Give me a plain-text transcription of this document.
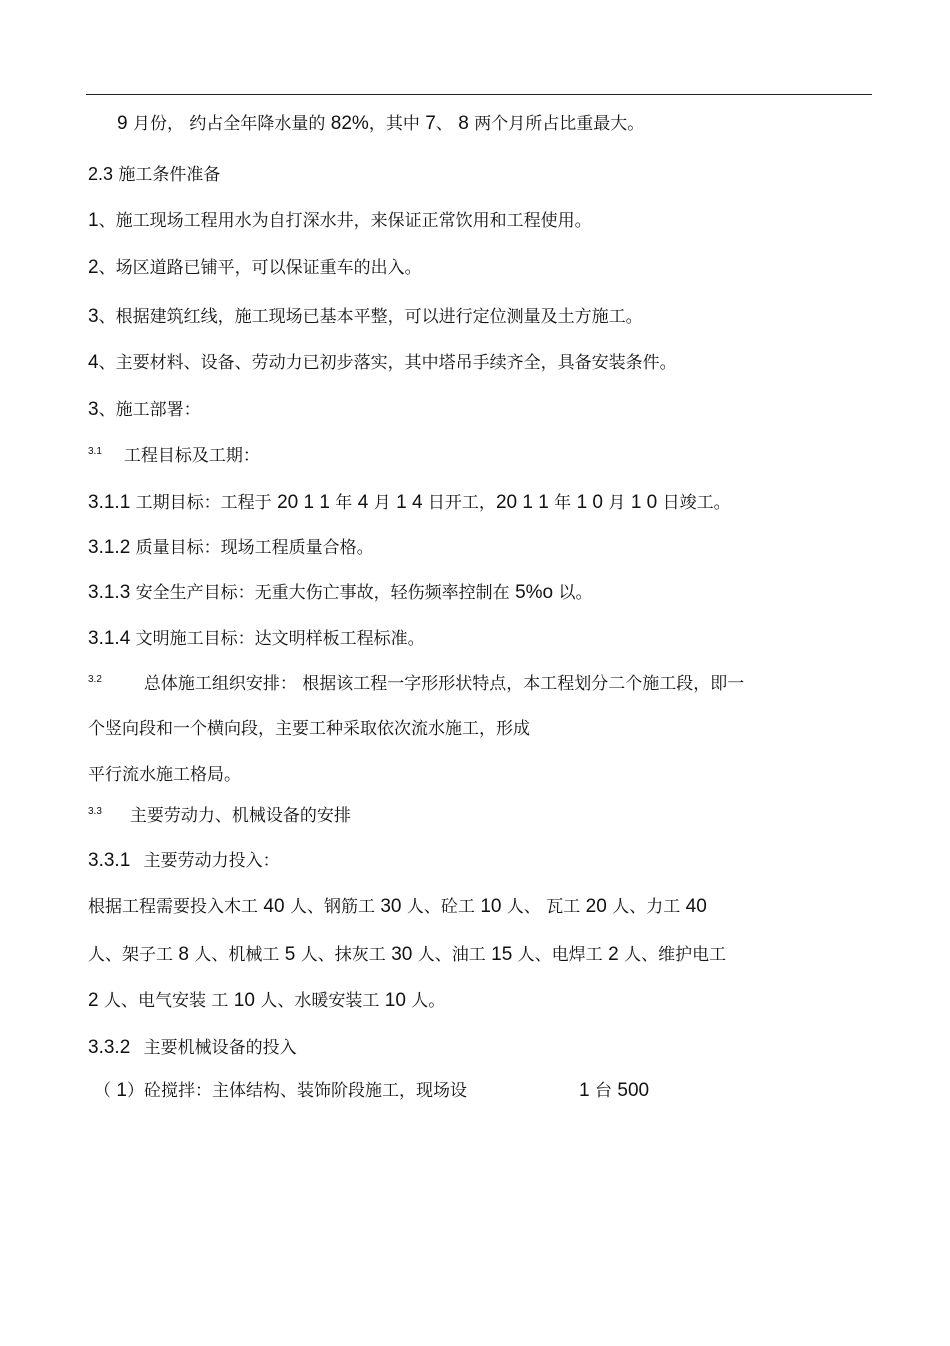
9 月份， 约占全年降水量的 82%，其中 7、 8 两个月所占比重最大。
2.3 施工条件准备
1、施工现场工程用水为自打深水井，来保证正常饮用和工程使用。
2、场区道路已铺平，可以保证重车的出入。
3、根据建筑红线，施工现场已基本平整，可以进行定位测量及土方施工。
4、主要材料、设备、劳动力已初步落实，其中塔吊手续齐全，具备安装条件。
3、施工部署：
$^{3.1}$ 工程目标及工期：
3.1.1 工期目标：工程于 20 1 1 年 4 月 1 4 日开工，20 1 1 年 1 0 月 1 0 日竣工。
3.1.2 质量目标：现场工程质量合格。
3.1.3 安全生产目标：无重大伤亡事故，轻伤频率控制在 5%o 以。
3.1.4 文明施工目标：达文明样板工程标准。
$^{3.2}$ 总体施工组织安排： 根据该工程一字形形状特点，本工程划分二个施工段，即一
个竖向段和一个横向段，主要工种采取依次流水施工，形成
平行流水施工格局。
$^{3.3}$ 主要劳动力、机械设备的安排
3.3.1 主要劳动力投入：
根据工程需要投入木工 40 人、钢筋工 30 人、砼工 10 人、 瓦工 20 人、力工 40
人、架子工 8 人、机械工 5 人、抹灰工 30 人、油工 15 人、电焊工 2 人、维护电工
2 人、电气安装 工 10 人、水暖安装工 10 人。
3.3.2 主要机械设备的投入
（ 1）砼搅拌：主体结构、装饰阶段施工，现场设	1 台 500
